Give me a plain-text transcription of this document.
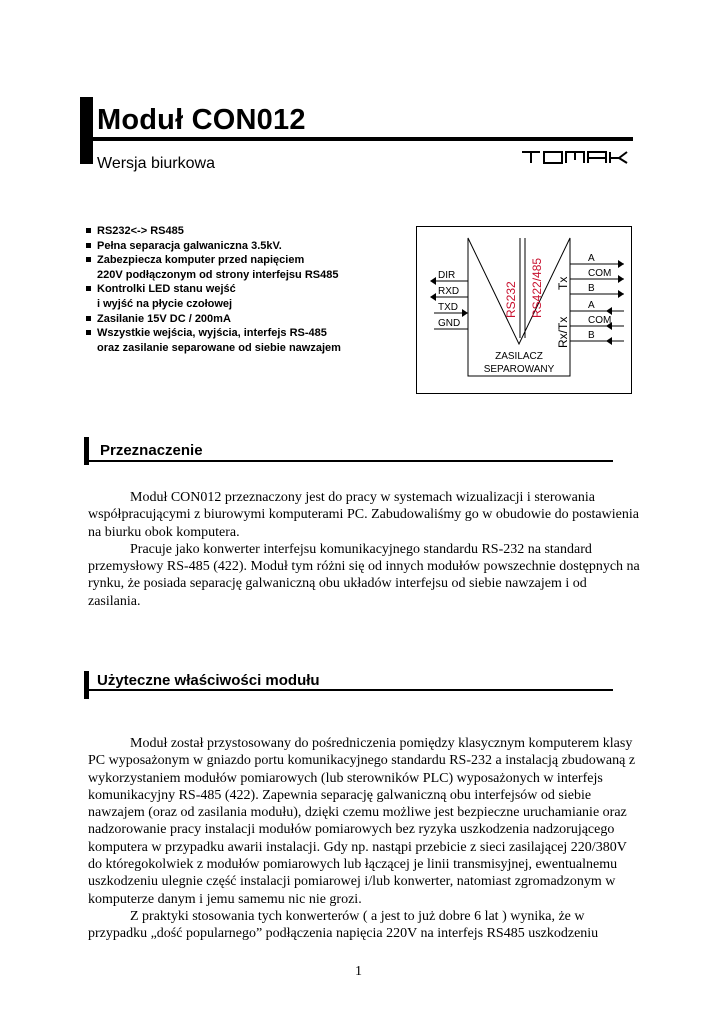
Moduł CON012
Wersja biurkowa
RS232<-> RS485
Pełna separacja galwaniczna 3.5kV.
Zabezpiecza komputer przed napięciem
220V podłączonym od strony interfejsu RS485
Kontrolki LED stanu wejść
i wyjść na płycie czołowej
Zasilanie 15V DC / 200mA
Wszystkie wejścia, wyjścia, interfejs RS-485
oraz zasilanie separowane od siebie nawzajem
DIR
RXD
TXD
GND
A
COM
B
A
COM
B
RS232 RS422/485 Tx
Rx/Tx
ZASILACZ
SEPAROWANY
Przeznaczenie

Moduł CON012 przeznaczony jest do pracy w systemach wizualizacji i sterowania współpracującymi z biurowymi komputerami PC. Zabudowaliśmy go w obudowie do postawienia na biurku obok komputera.

Pracuje jako konwerter interfejsu komunikacyjnego standardu RS-232 na standard przemysłowy RS-485 (422). Moduł tym różni się od innych modułów powszechnie dostępnych na rynku, że posiada separację galwaniczną obu układów interfejsu od siebie nawzajem i od zasilania.

Użyteczne właściwości modułu

Moduł został przystosowany do pośredniczenia pomiędzy klasycznym komputerem klasy PC wyposażonym w gniazdo portu komunikacyjnego standardu RS-232 a instalacją zbudowaną z wykorzystaniem modułów pomiarowych (lub sterowników PLC) wyposażonych w interfejs komunikacyjny RS-485 (422). Zapewnia separację galwaniczną obu interfejsów od siebie nawzajem (oraz od zasilania modułu), dzięki czemu możliwe jest bezpieczne uruchamianie oraz nadzorowanie pracy instalacji modułów pomiarowych bez ryzyka uszkodzenia nadzorującego komputera w przypadku awarii instalacji. Gdy np. nastąpi przebicie z sieci zasilającej 220/380V do któregokolwiek z modułów pomiarowych lub łączącej je linii transmisyjnej, ewentualnemu uszkodzeniu ulegnie część instalacji pomiarowej i/lub konwerter, natomiast zgromadzonym w komputerze danym i jemu samemu nic nie grozi.

Z praktyki stosowania tych konwerterów ( a jest to już dobre 6 lat ) wynika, że w przypadku „dość popularnego” podłączenia napięcia 220V na interfejs RS485 uszkodzeniu

1
